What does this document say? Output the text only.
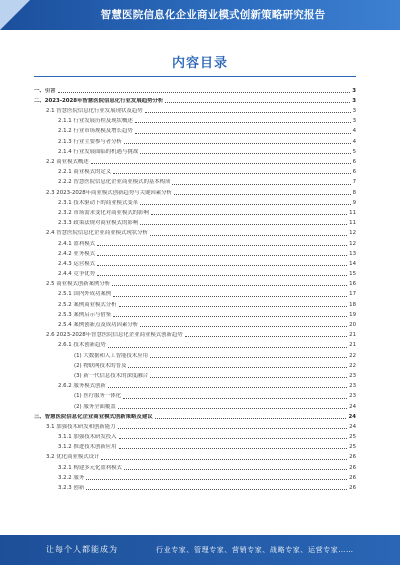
智慧医院信息化企业商业模式创新策略研究报告
内容目录
一、引言	3
二、2023-2028年智慧医院信息化行业发展趋势分析	3
2.1 智慧医院信息化行业发展现状及趋势	3
2.1.1 行业发展历程及现状概述	3
2.1.2 行业市场规模及增长趋势	4
2.1.3 行业主要参与者分析	4
2.1.4 行业发展面临的机遇与挑战	5
2.2 商业模式概述	6
2.2.1 商业模式的定义	6
2.2.2 智慧医院信息化企业商业模式的基本构成	7
2.3 2023-2028年商业模式创新趋势与关键因素分析	8
2.3.1 技术驱动下的商业模式变革	9
2.3.2 市场需求变化对商业模式的影响	11
2.3.3 政策法规对商业模式的影响	11
2.4 智慧医院信息化企业商业模式现状分析	12
2.4.1 盈利模式	12
2.4.2 业务模式	13
2.4.3 运营模式	14
2.4.4 竞争优势	15
2.5 商业模式创新案例分析	16
2.5.1 国内外成功案例	17
2.5.2 案例商业模式分析	18
2.5.3 案例启示与借鉴	19
2.5.4 案例创新点及成功因素分析	20
2.6 2023-2028年智慧医院信息化企业商业模式创新趋势	21
2.6.1 技术创新趋势	21
(1) 大数据和人工智能技术应用	22
(2) 物联网技术的普及	22
(3) 新一代信息技术的深度融合	23
2.6.2 服务模式创新	23
(1) 医疗服务一体化	23
(2) 服务全面覆盖	24
三、智慧医院信息化企业商业模式创新策略及建议	24
3.1 加强技术研发和创新能力	24
3.1.1 加强技术研发投入	25
3.1.2 推进技术创新应用	25
3.2 优化商业模式设计	26
3.2.1 构建多元化盈利模式	26
3.2.2 服务	26
3.2.3 创新	26
让每个人都能成为	行业专家、管理专家、营销专家、战略专家、运营专家……
